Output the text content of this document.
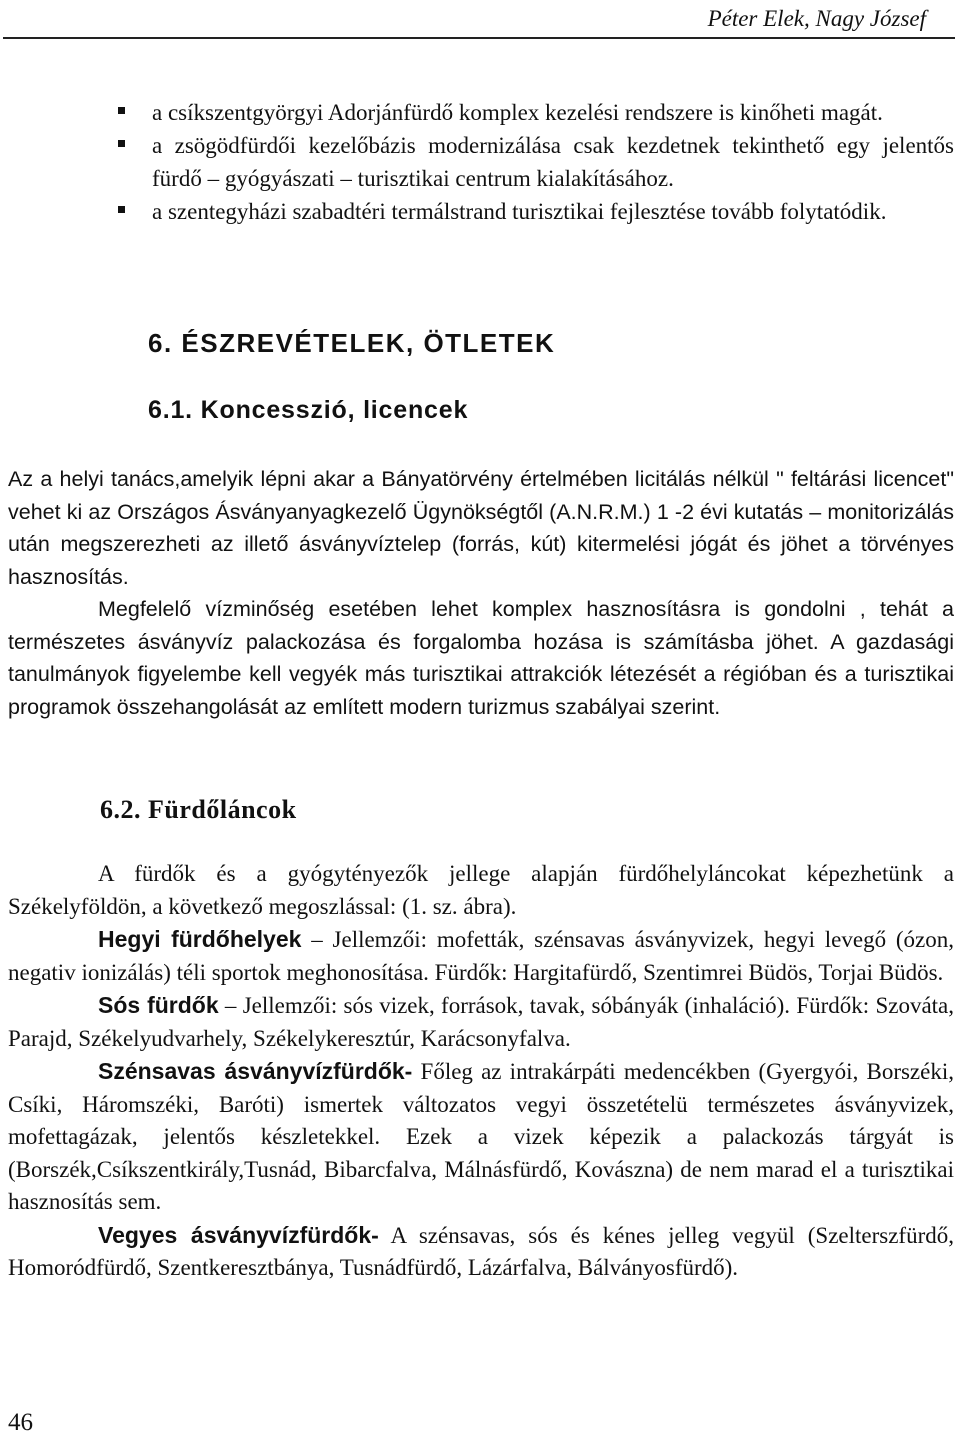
Péter Elek, Nagy József
a csíkszentgyörgyi Adorjánfürdő komplex kezelési rendszere is kinőheti magát.
a zsögödfürdői kezelőbázis modernizálása csak kezdetnek tekinthető egy jelentős fürdő – gyógyászati – turisztikai centrum kialakításához.
a szentegyházi szabadtéri termálstrand turisztikai fejlesztése tovább folytatódik.
6. ÉSZREVÉTELEK, ÖTLETEK
6.1. Koncesszió, licencek

Az a helyi tanács,amelyik lépni akar a Bányatörvény értelmében licitálás nélkül " feltárási licencet" vehet ki az Országos Ásványanyagkezelő Ügynökségtől (A.N.R.M.) 1 -2 évi kutatás – monitorizálás után megszerezheti az illető ásványvíztelep (forrás, kút) kitermelési jógát és jöhet a törvényes hasznosítás.

Megfelelő vízminőség esetében lehet komplex hasznosításra is gondolni , tehát a természetes ásványvíz palackozása és forgalomba hozása is számításba jöhet. A gazdasági tanulmányok figyelembe kell vegyék más turisztikai attrakciók létezését a régióban és a turisztikai programok összehangolását az említett modern turizmus szabályai szerint.

6.2. Fürdőláncok

A fürdők és a gyógytényezők jellege alapján fürdőhelyláncokat képezhetünk a Székelyföldön, a következő megoszlással: (1. sz. ábra).

Hegyi fürdőhelyek – Jellemzői: mofetták, szénsavas ásványvizek, hegyi levegő (ózon, negativ ionizálás) téli sportok meghonosítása. Fürdők: Hargitafürdő, Szentimrei Büdös, Torjai Büdös.

Sós fürdők – Jellemzői: sós vizek, források, tavak, sóbányák (inhaláció). Fürdők: Szováta, Parajd, Székelyudvarhely, Székelykeresztúr, Karácsonyfalva.

Szénsavas ásványvízfürdők- Főleg az intrakárpáti medencékben (Gyergyói, Borszéki, Csíki, Háromszéki, Baróti) ismertek változatos vegyi összetételü természetes ásványvizek, mofettagázak, jelentős készletekkel. Ezek a vizek képezik a palackozás tárgyát is (Borszék,Csíkszentkirály,Tusnád, Bibarcfalva, Málnásfürdő, Kovászna) de nem marad el a turisztikai hasznosítás sem.

Vegyes ásványvízfürdők- A szénsavas, sós és kénes jelleg vegyül (Szelterszfürdő, Homoródfürdő, Szentkeresztbánya, Tusnádfürdő, Lázárfalva, Bálványosfürdő).

46
